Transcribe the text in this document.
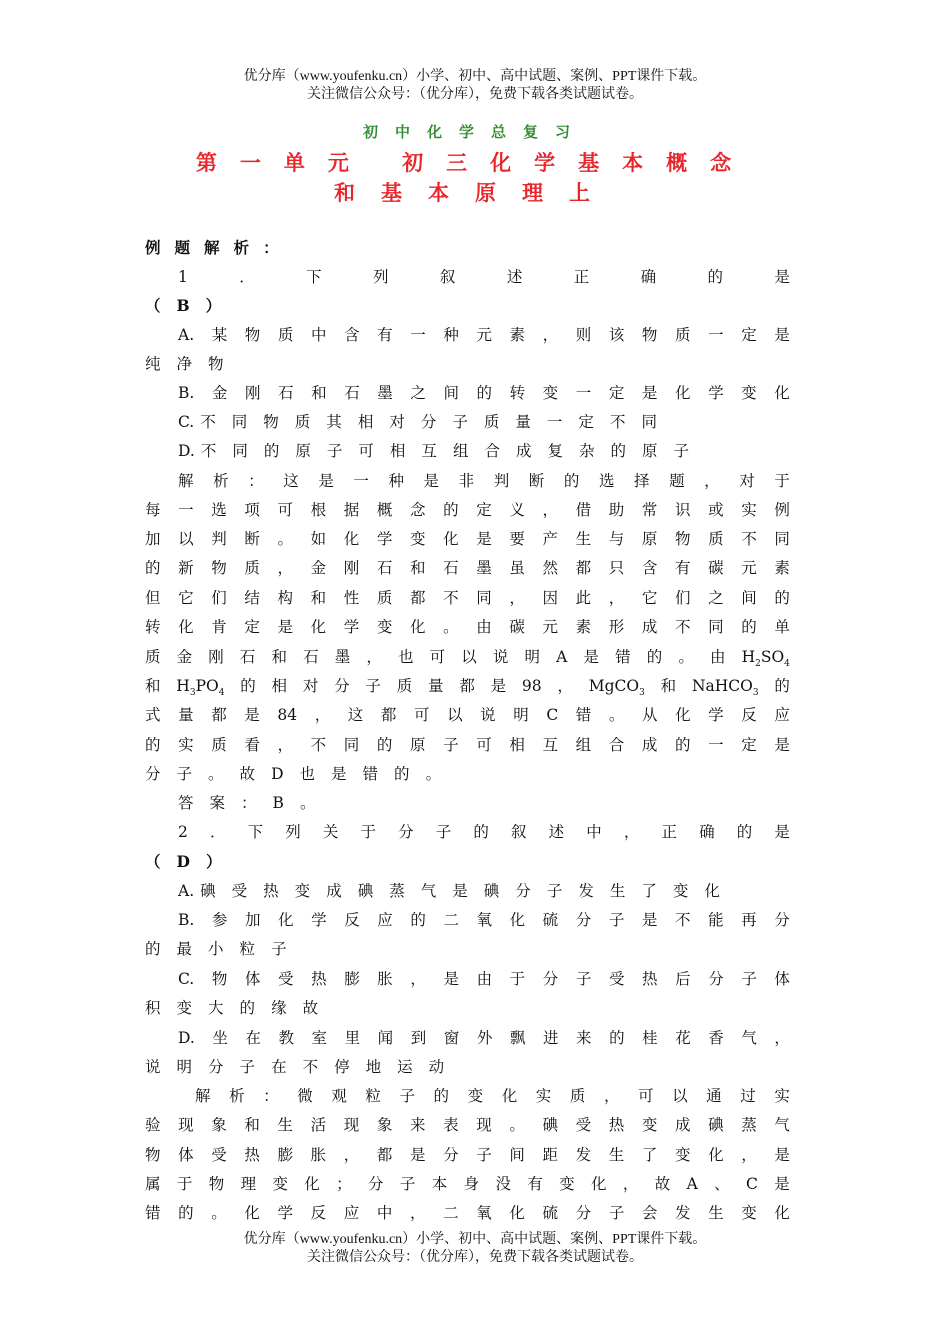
优分库（www.youfenku.cn）小学、初中、高中试题、案例、PPT课件下载。
关注微信公众号：（优分库），免费下载各类试题试卷。
初中化学总复习
第一单元 初三化学基本概念
和基本原理上
例 题 解 析 ：
1	．	下	列	叙	述	正	确	的	是
（ B ）
A. 某 物 质 中 含 有 一 种 元 素 ， 则 该 物 质 一 定 是
纯 净 物
B. 金 刚 石 和 石 墨 之 间 的 转 变 一 定 是 化 学 变 化
C. 不 同 物 质 其 相 对 分 子 质 量 一 定 不 同
D. 不 同 的 原 子 可 相 互 组 合 成 复 杂 的 原 子
解 析 ： 这 是 一 种 是 非 判 断 的 选 择 题 ， 对 于
每 一 选 项 可 根 据 概 念 的 定 义 ， 借 助 常 识 或 实 例
加 以 判 断 。 如 化 学 变 化 是 要 产 生 与 原 物 质 不 同
的 新 物 质 ， 金 刚 石 和 石 墨 虽 然 都 只 含 有 碳 元 素
但 它 们 结 构 和 性 质 都 不 同 ， 因 此 ， 它 们 之 间 的
转 化 肯 定 是 化 学 变 化 。 由 碳 元 素 形 成 不 同 的 单
质 金 刚 石 和 石 墨 ， 也 可 以 说 明 A 是 错 的 。 由 $H_2SO_4$
和 $H_3PO_4$ 的 相 对 分 子 质 量 都 是 98 ， MgCO$_3$ 和 NaHCO$_3$ 的
式 量 都 是 84 ， 这 都 可 以 说 明 C 错 。 从 化 学 反 应
的 实 质 看 ， 不 同 的 原 子 可 相 互 组 合 成 的 一 定 是
分 子 。 故 D 也 是 错 的 。
答 案 ： B 。
2 ． 下 列 关 于 分 子 的 叙 述 中 ， 正 确 的 是
（ D ）
A. 碘 受 热 变 成 碘 蒸 气 是 碘 分 子 发 生 了 变 化
B. 参 加 化 学 反 应 的 二 氧 化 硫 分 子 是 不 能 再 分
的 最 小 粒 子
C. 物 体 受 热 膨 胀 ， 是 由 于 分 子 受 热 后 分 子 体
积 变 大 的 缘 故
D. 坐 在 教 室 里 闻 到 窗 外 飘 进 来 的 桂 花 香 气 ，
说 明 分 子 在 不 停 地 运 动
解 析 ： 微 观 粒 子 的 变 化 实 质 ， 可 以 通 过 实
验 现 象 和 生 活 现 象 来 表 现 。 碘 受 热 变 成 碘 蒸 气
物 体 受 热 膨 胀 ， 都 是 分 子 间 距 发 生 了 变 化 ， 是
属 于 物 理 变 化 ； 分 子 本 身 没 有 变 化 ， 故 A 、 C 是
错 的 。 化 学 反 应 中 ， 二 氧 化 硫 分 子 会 发 生 变 化
优分库（www.youfenku.cn）小学、初中、高中试题、案例、PPT课件下载。
关注微信公众号：（优分库），免费下载各类试题试卷。
